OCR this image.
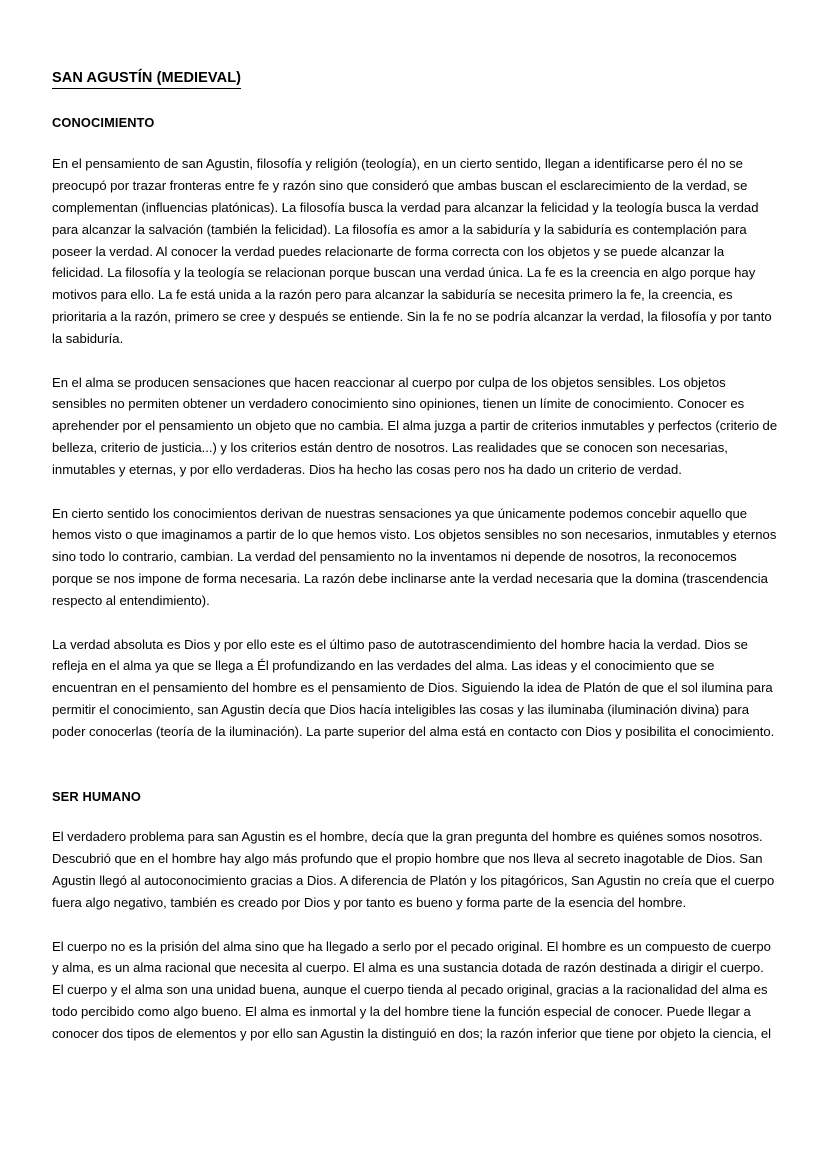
SAN AGUSTÍN (MEDIEVAL)
CONOCIMIENTO

En el pensamiento de san Agustin, filosofía y religión (teología), en un cierto sentido, llegan a identificarse pero él no se preocupó por trazar fronteras entre fe y razón sino que consideró que ambas buscan el esclarecimiento de la verdad, se complementan (influencias platónicas). La filosofía busca la verdad para alcanzar la felicidad y la teología busca la verdad para alcanzar la salvación (también la felicidad). La filosofía es amor a la sabiduría y la sabiduría es contemplación para poseer la verdad. Al conocer la verdad puedes relacionarte de forma correcta con los objetos y se puede alcanzar la felicidad. La filosofía y la teología se relacionan porque buscan una verdad única. La fe es la creencia en algo porque hay motivos para ello. La fe está unida a la razón pero para alcanzar la sabiduría se necesita primero la fe, la creencia, es prioritaria a la razón, primero se cree y después se entiende. Sin la fe no se podría alcanzar la verdad, la filosofía y por tanto la sabiduría.

En el alma se producen sensaciones que hacen reaccionar al cuerpo por culpa de los objetos sensibles. Los objetos sensibles no permiten obtener un verdadero conocimiento sino opiniones, tienen un límite de conocimiento. Conocer es aprehender por el pensamiento un objeto que no cambia. El alma juzga a partir de criterios inmutables y perfectos (criterio de belleza, criterio de justicia...) y los criterios están dentro de nosotros. Las realidades que se conocen son necesarias, inmutables y eternas, y por ello verdaderas. Dios ha hecho las cosas pero nos ha dado un criterio de verdad.

En cierto sentido los conocimientos derivan de nuestras sensaciones ya que únicamente podemos concebir aquello que hemos visto o que imaginamos a partir de lo que hemos visto. Los objetos sensibles no son necesarios, inmutables y eternos sino todo lo contrario, cambian. La verdad del pensamiento no la inventamos ni depende de nosotros, la reconocemos porque se nos impone de forma necesaria. La razón debe inclinarse ante la verdad necesaria que la domina (trascendencia respecto al entendimiento).

La verdad absoluta es Dios y por ello este es el último paso de autotrascendimiento del hombre hacia la verdad. Dios se refleja en el alma ya que se llega a Él profundizando en las verdades del alma. Las ideas y el conocimiento que se encuentran en el pensamiento del hombre es el pensamiento de Dios. Siguiendo la idea de Platón de que el sol ilumina para permitir el conocimiento, san Agustin decía que Dios hacía inteligibles las cosas y las iluminaba (iluminación divina) para poder conocerlas (teoría de la iluminación). La parte superior del alma está en contacto con Dios y posibilita el conocimiento.

SER HUMANO

El verdadero problema para san Agustin es el hombre, decía que la gran pregunta del hombre es quiénes somos nosotros. Descubrió que en el hombre hay algo más profundo que el propio hombre que nos lleva al secreto inagotable de Dios. San Agustin llegó al autoconocimiento gracias a Dios. A diferencia de Platón y los pitagóricos, San Agustin no creía que el cuerpo fuera algo negativo, también es creado por Dios y por tanto es bueno y forma parte de la esencia del hombre.

El cuerpo no es la prisión del alma sino que ha llegado a serlo por el pecado original. El hombre es un compuesto de cuerpo y alma, es un alma racional que necesita al cuerpo. El alma es una sustancia dotada de razón destinada a dirigir el cuerpo. El cuerpo y el alma son una unidad buena, aunque el cuerpo tienda al pecado original, gracias a la racionalidad del alma es todo percibido como algo bueno. El alma es inmortal y la del hombre tiene la función especial de conocer. Puede llegar a conocer dos tipos de elementos y por ello san Agustin la distinguió en dos; la razón inferior que tiene por objeto la ciencia, el
